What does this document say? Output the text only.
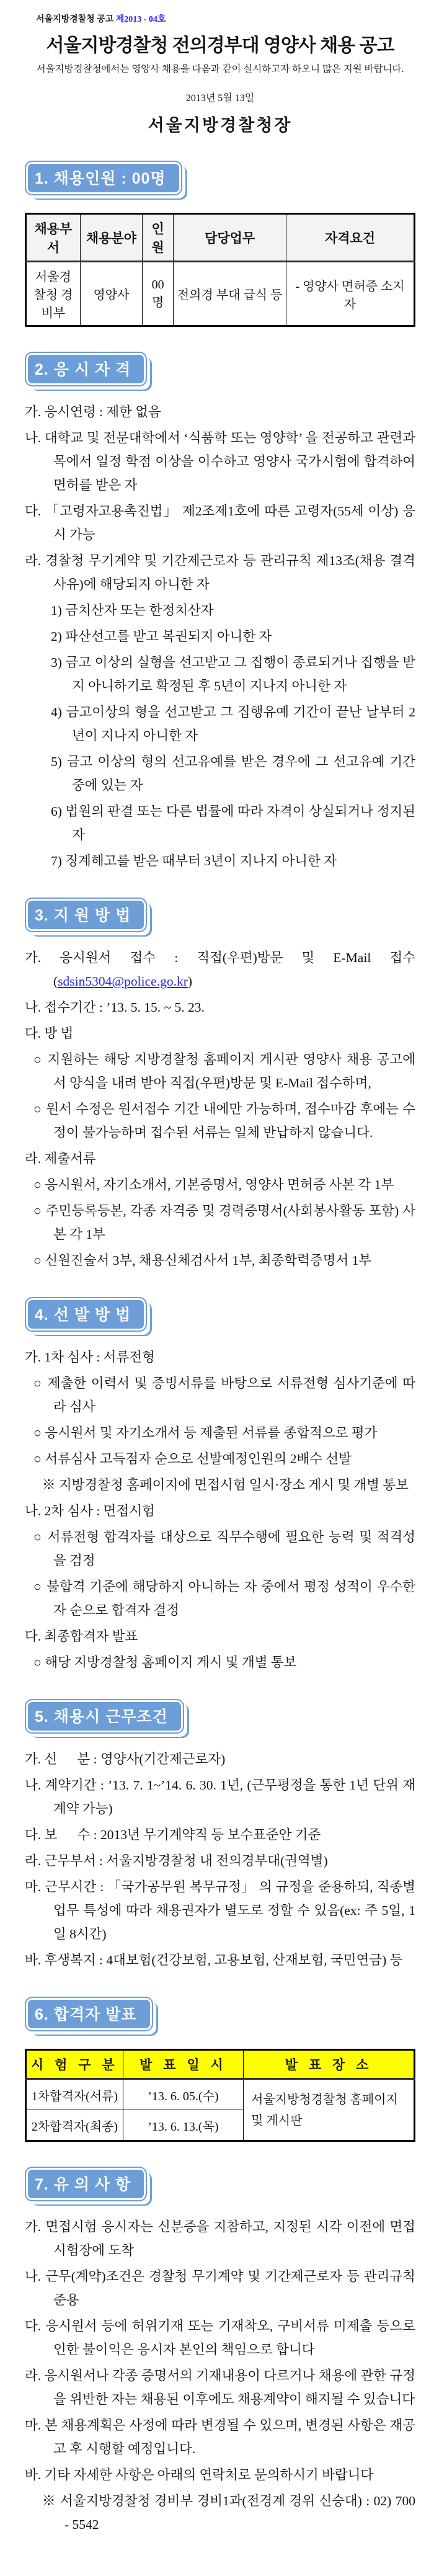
서울지방경찰청 공고 제2013 - 04호
서울지방경찰청 전의경부대 영양사 채용 공고
서울지방경찰청에서는 영양사 채용을 다음과 같이 실시하고자 하오니 많은 지원 바랍니다.
2013년 5월 13일
서울지방경찰청장
1. 채용인원 : 00명
채용부서	채용분야	인원	담당업무	자격요건
서울경찰청 경비부	영양사	00명	전의경 부대 급식 등	- 영양사 면허증 소지자
2. 응 시 자 격

가. 응시연령 : 제한 없음

나. 대학교 및 전문대학에서 ‘식품학 또는 영양학’ 을 전공하고 관련과목에서 일정 학점 이상을 이수하고 영양사 국가시험에 합격하여 면허를 받은 자

다. 「고령자고용촉진법」 제2조제1호에 따른 고령자(55세 이상) 응시 가능

라. 경찰청 무기계약 및 기간제근로자 등 관리규칙 제13조(채용 결격 사유)에 해당되지 아니한 자

1) 금치산자 또는 한정치산자

2) 파산선고를 받고 복권되지 아니한 자

3) 금고 이상의 실형을 선고받고 그 집행이 종료되거나 집행을 받지 아니하기로 확정된 후 5년이 지나지 아니한 자

4) 금고이상의 형을 선고받고 그 집행유예 기간이 끝난 날부터 2년이 지나지 아니한 자

5) 금고 이상의 형의 선고유예를 받은 경우에 그 선고유예 기간 중에 있는 자

6) 법원의 판결 또는 다른 법률에 따라 자격이 상실되거나 정지된 자

7) 징계해고를 받은 때부터 3년이 지나지 아니한 자

3. 지 원 방 법

가. 응시원서 접수 : 직접(우편)방문 및 E-Mail 접수(sdsin5304@police.go.kr)

나. 접수기간 : ’13. 5. 15. ~ 5. 23.

다. 방 법

○ 지원하는 해당 지방경찰청 홈페이지 게시판 영양사 채용 공고에서 양식을 내려 받아 직접(우편)방문 및 E-Mail 접수하며,

○ 원서 수정은 원서접수 기간 내에만 가능하며, 접수마감 후에는 수정이 불가능하며 접수된 서류는 일체 반납하지 않습니다.

라. 제출서류

○ 응시원서, 자기소개서, 기본증명서, 영양사 면허증 사본 각 1부

○ 주민등록등본, 각종 자격증 및 경력증명서(사회봉사활동 포함) 사본 각 1부

○ 신원진술서 3부, 채용신체검사서 1부, 최종학력증명서 1부

4. 선 발 방 법

가. 1차 심사 : 서류전형

○ 제출한 이력서 및 증빙서류를 바탕으로 서류전형 심사기준에 따라 심사

○ 응시원서 및 자기소개서 등 제출된 서류를 종합적으로 평가

○ 서류심사 고득점자 순으로 선발예정인원의 2배수 선발

※ 지방경찰청 홈페이지에 면접시험 일시·장소 게시 및 개별 통보

나. 2차 심사 : 면접시험

○ 서류전형 합격자를 대상으로 직무수행에 필요한 능력 및 적격성을 검정

○ 불합격 기준에 해당하지 아니하는 자 중에서 평정 성적이 우수한 자 순으로 합격자 결정

다. 최종합격자 발표

○ 해당 지방경찰청 홈페이지 게시 및 개별 통보

5. 채용시 근무조건

가. 신   분 : 영양사(기간제근로자)

나. 계약기간 : ’13. 7. 1~’14. 6. 30. 1년, (근무평정을 통한 1년 단위 재계약 가능)

다. 보   수 : 2013년 무기계약직 등 보수표준안 기준

라. 근무부서 : 서울지방경찰청 내 전의경부대(권역별)

마. 근무시간 : 「국가공무원 복무규정」 의 규정을 준용하되, 직종별 업무 특성에 따라 채용권자가 별도로 정할 수 있음(ex: 주 5일, 1일 8시간)

바. 후생복지 : 4대보험(건강보험, 고용보험, 산재보험, 국민연금) 등

6. 합격자 발표
시 험 구 분	발 표 일 시	발 표 장 소
1차합격자(서류)	’13. 6. 05.(수)	서울지방청경찰청 홈페이지 및 게시판
2차합격자(최종)	’13. 6. 13.(목)	
7. 유 의 사 항

가. 면접시험 응시자는 신분증을 지참하고, 지정된 시각 이전에 면접시험장에 도착

나. 근무(계약)조건은 경찰청 무기계약 및 기간제근로자 등 관리규칙 준용

다. 응시원서 등에 허위기재 또는 기재착오, 구비서류 미제출 등으로 인한 불이익은 응시자 본인의 책임으로 합니다

라. 응시원서나 각종 증명서의 기재내용이 다르거나 채용에 관한 규정을 위반한 자는 채용된 이후에도 채용계약이 해지될 수 있습니다

마. 본 채용계획은 사정에 따라 변경될 수 있으며, 변경된 사항은 재공고 후 시행할 예정입니다.

바. 기타 자세한 사항은 아래의 연락처로 문의하시기 바랍니다

※ 서울지방경찰청 경비부 경비1과(전경계 경위 신승대) : 02) 700 - 5542
